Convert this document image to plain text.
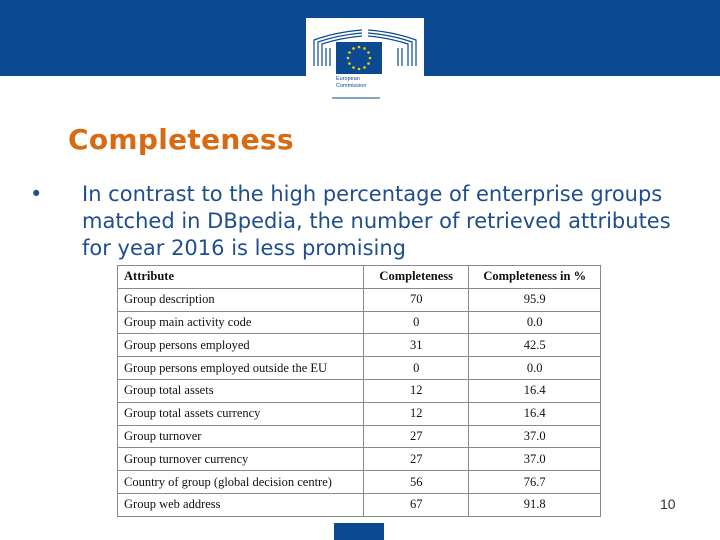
European
Commission
Completeness
• In contrast to the high percentage of enterprise groups matched in DBpedia, the number of retrieved attributes for year 2016 is less promising
Attribute	Completeness	Completeness in %
Group description	70	95.9
Group main activity code	0	0.0
Group persons employed	31	42.5
Group persons employed outside the EU	0	0.0
Group total assets	12	16.4
Group total assets currency	12	16.4
Group turnover	27	37.0
Group turnover currency	27	37.0
Country of group (global decision centre)	56	76.7
Group web address	67	91.8	10
